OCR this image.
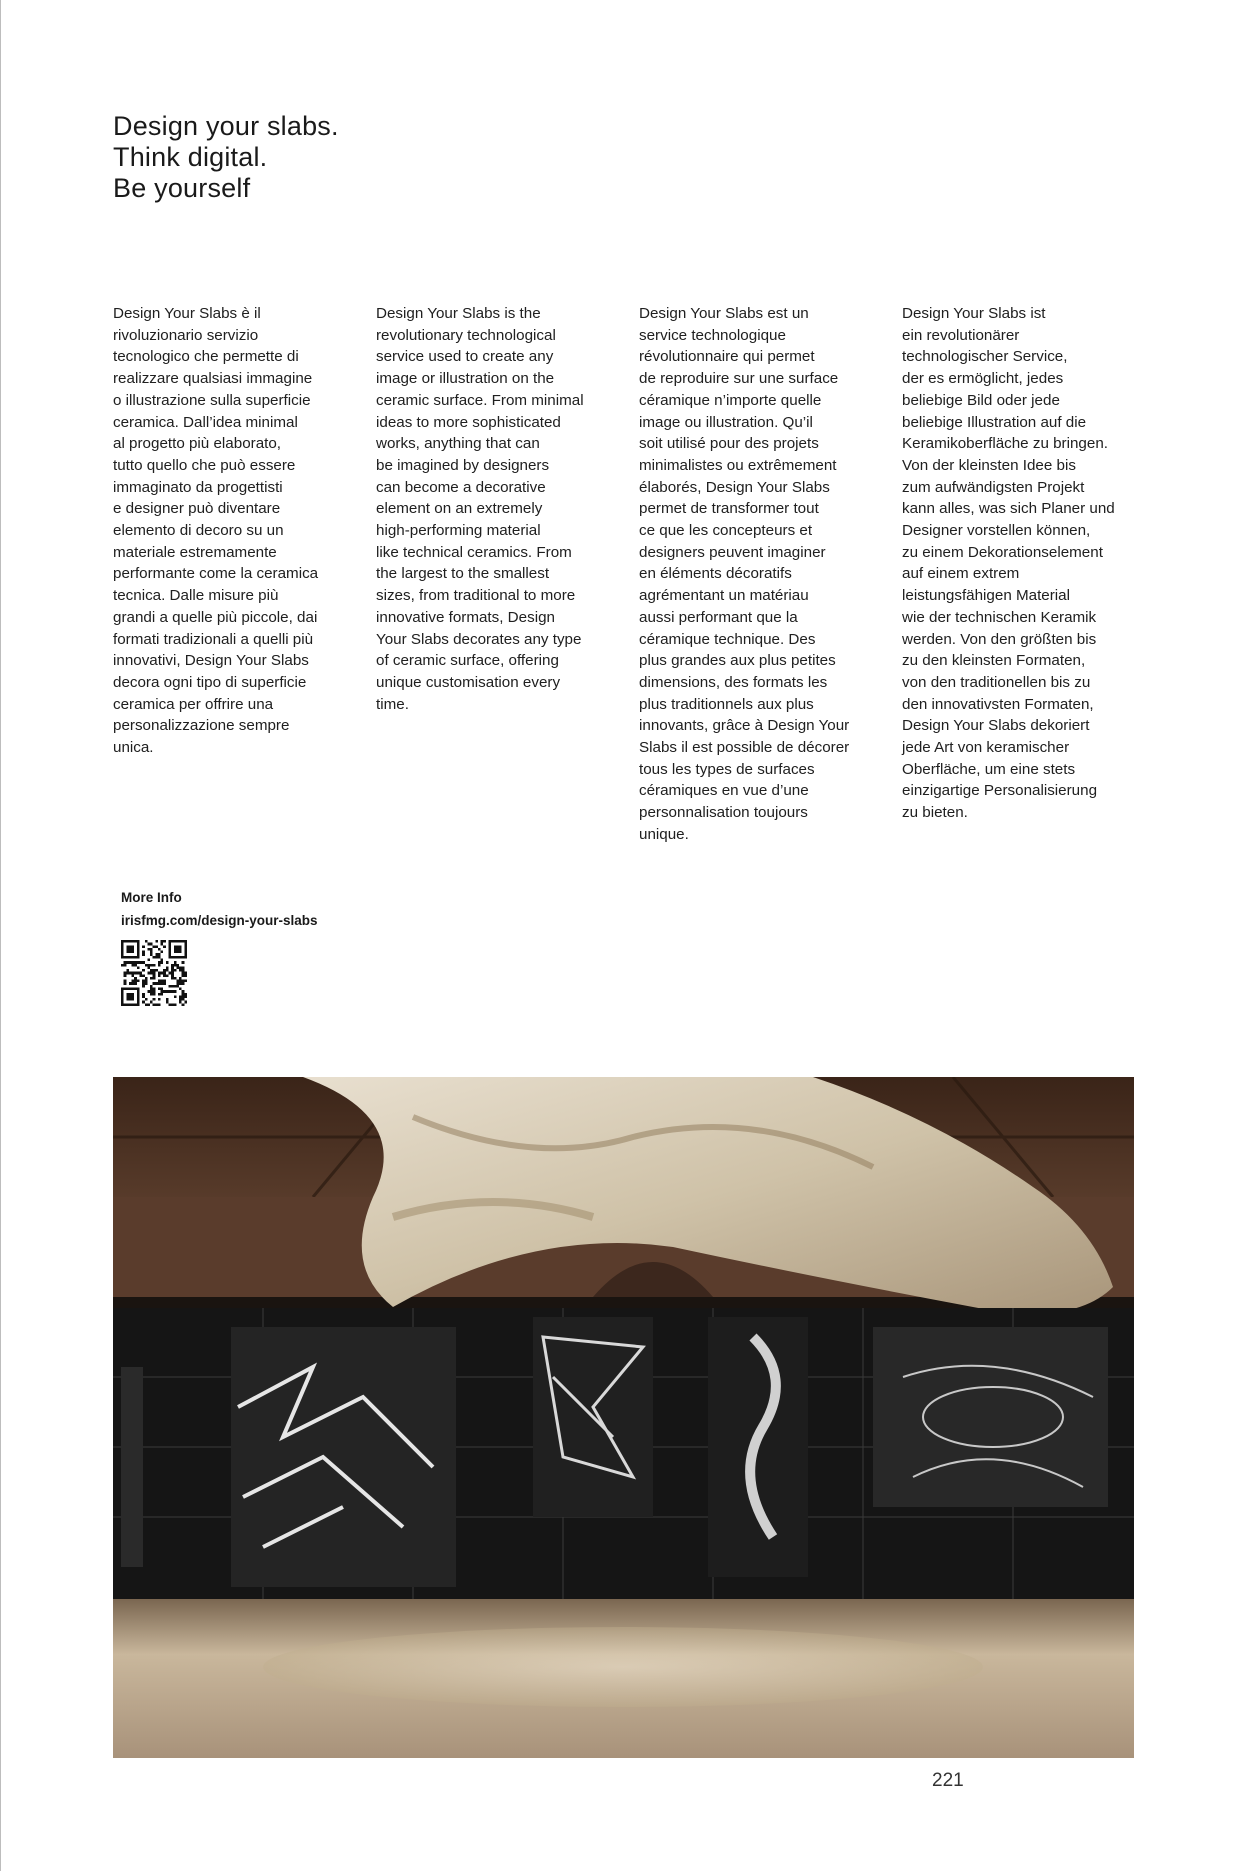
Design your slabs.
Think digital.
Be yourself

Design Your Slabs è il
rivoluzionario servizio
tecnologico che permette di
realizzare qualsiasi immagine
o illustrazione sulla superficie
ceramica. Dall’idea minimal
al progetto più elaborato,
tutto quello che può essere
immaginato da progettisti
e designer può diventare
elemento di decoro su un
materiale estremamente
performante come la ceramica
tecnica. Dalle misure più
grandi a quelle più piccole, dai
formati tradizionali a quelli più
innovativi, Design Your Slabs
decora ogni tipo di superficie
ceramica per offrire una
personalizzazione sempre
unica.

Design Your Slabs is the
revolutionary technological
service used to create any
image or illustration on the
ceramic surface. From minimal
ideas to more sophisticated
works, anything that can
be imagined by designers
can become a decorative
element on an extremely
high-performing material
like technical ceramics. From
the largest to the smallest
sizes, from traditional to more
innovative formats, Design
Your Slabs decorates any type
of ceramic surface, offering
unique customisation every
time.

Design Your Slabs est un
service technologique
révolutionnaire qui permet
de reproduire sur une surface
céramique n’importe quelle
image ou illustration. Qu’il
soit utilisé pour des projets
minimalistes ou extrêmement
élaborés, Design Your Slabs
permet de transformer tout
ce que les concepteurs et
designers peuvent imaginer
en éléments décoratifs
agrémentant un matériau
aussi performant que la
céramique technique. Des
plus grandes aux plus petites
dimensions, des formats les
plus traditionnels aux plus
innovants, grâce à Design Your
Slabs il est possible de décorer
tous les types de surfaces
céramiques en vue d’une
personnalisation toujours
unique.

Design Your Slabs ist
ein revolutionärer
technologischer Service,
der es ermöglicht, jedes
beliebige Bild oder jede
beliebige Illustration auf die
Keramikoberfläche zu bringen.
Von der kleinsten Idee bis
zum aufwändigsten Projekt
kann alles, was sich Planer und
Designer vorstellen können,
zu einem Dekorationselement
auf einem extrem
leistungsfähigen Material
wie der technischen Keramik
werden. Von den größten bis
zu den kleinsten Formaten,
von den traditionellen bis zu
den innovativsten Formaten,
Design Your Slabs dekoriert
jede Art von keramischer
Oberfläche, um eine stets
einzigartige Personalisierung
zu bieten.

More Info
irisfmg.com/design-your-slabs
221
